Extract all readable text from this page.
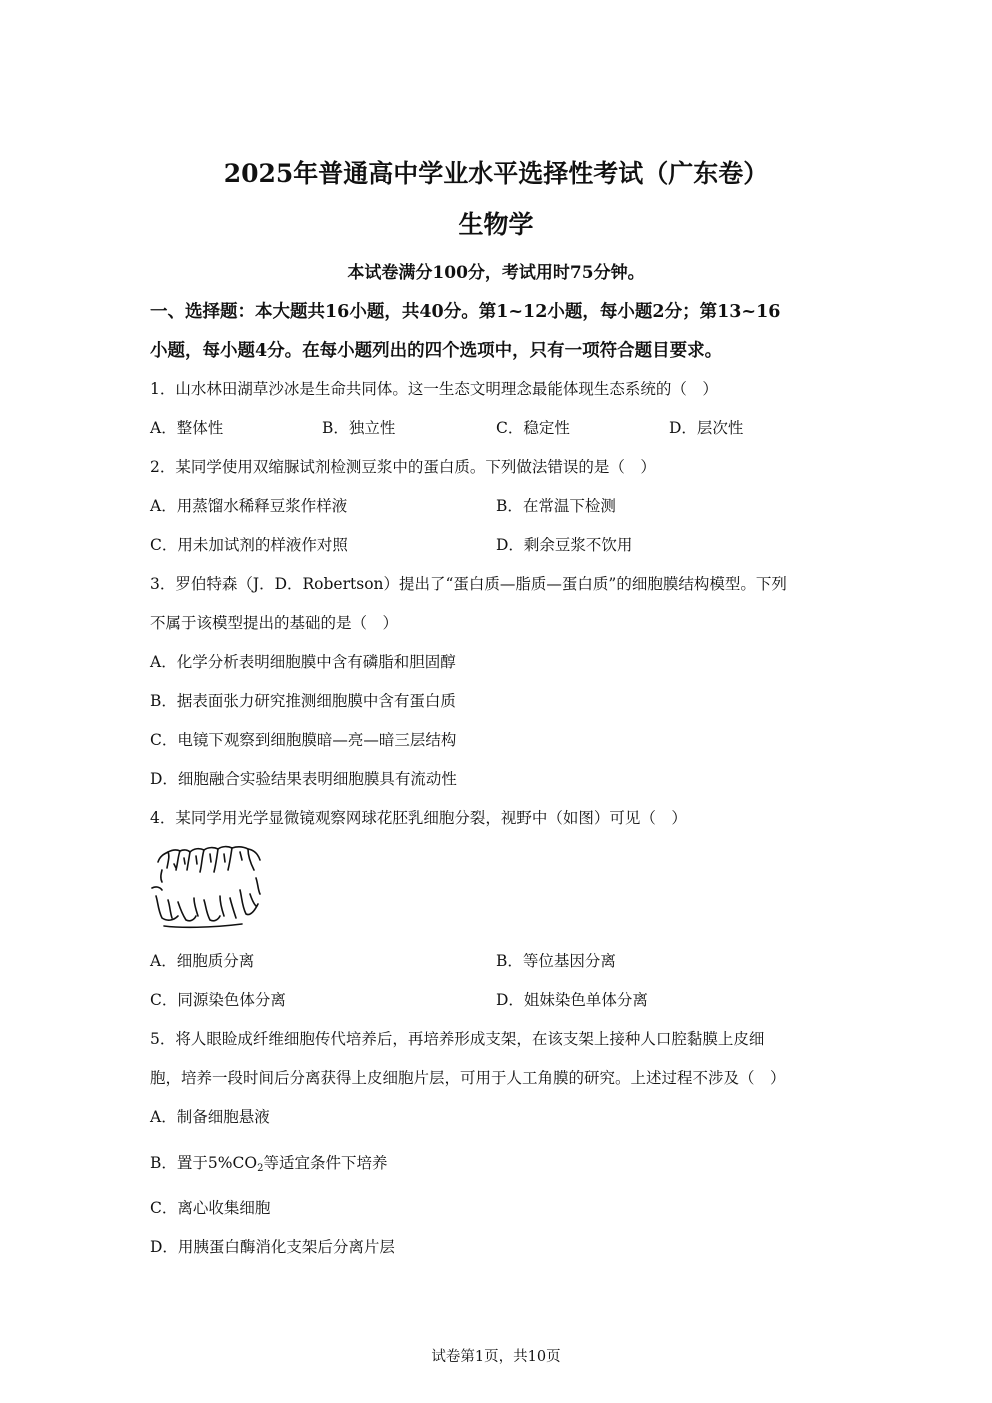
2025年普通高中学业水平选择性考试（广东卷）
生物学
本试卷满分100分，考试用时75分钟。
一、选择题：本大题共16小题，共40分。第1~12小题，每小题2分；第13~16
小题，每小题4分。在每小题列出的四个选项中，只有一项符合题目要求。
1．山水林田湖草沙冰是生命共同体。这一生态文明理念最能体现生态系统的（　）
A．整体性	B．独立性	C．稳定性	D．层次性
2．某同学使用双缩脲试剂检测豆浆中的蛋白质。下列做法错误的是（　）
A．用蒸馏水稀释豆浆作样液	B．在常温下检测
C．用未加试剂的样液作对照	D．剩余豆浆不饮用
3．罗伯特森（J．D．Robertson）提出了“蛋白质—脂质—蛋白质”的细胞膜结构模型。下列
不属于该模型提出的基础的是（　）
A．化学分析表明细胞膜中含有磷脂和胆固醇
B．据表面张力研究推测细胞膜中含有蛋白质
C．电镜下观察到细胞膜暗—亮—暗三层结构
D．细胞融合实验结果表明细胞膜具有流动性
4．某同学用光学显微镜观察网球花胚乳细胞分裂，视野中（如图）可见（　）
A．细胞质分离	B．等位基因分离
C．同源染色体分离	D．姐妹染色单体分离
5．将人眼睑成纤维细胞传代培养后，再培养形成支架，在该支架上接种人口腔黏膜上皮细
胞，培养一段时间后分离获得上皮细胞片层，可用于人工角膜的研究。上述过程不涉及（　）
A．制备细胞悬液
B．置于$5\%CO_2$等适宜条件下培养
C．离心收集细胞
D．用胰蛋白酶消化支架后分离片层
试卷第1页，共10页
